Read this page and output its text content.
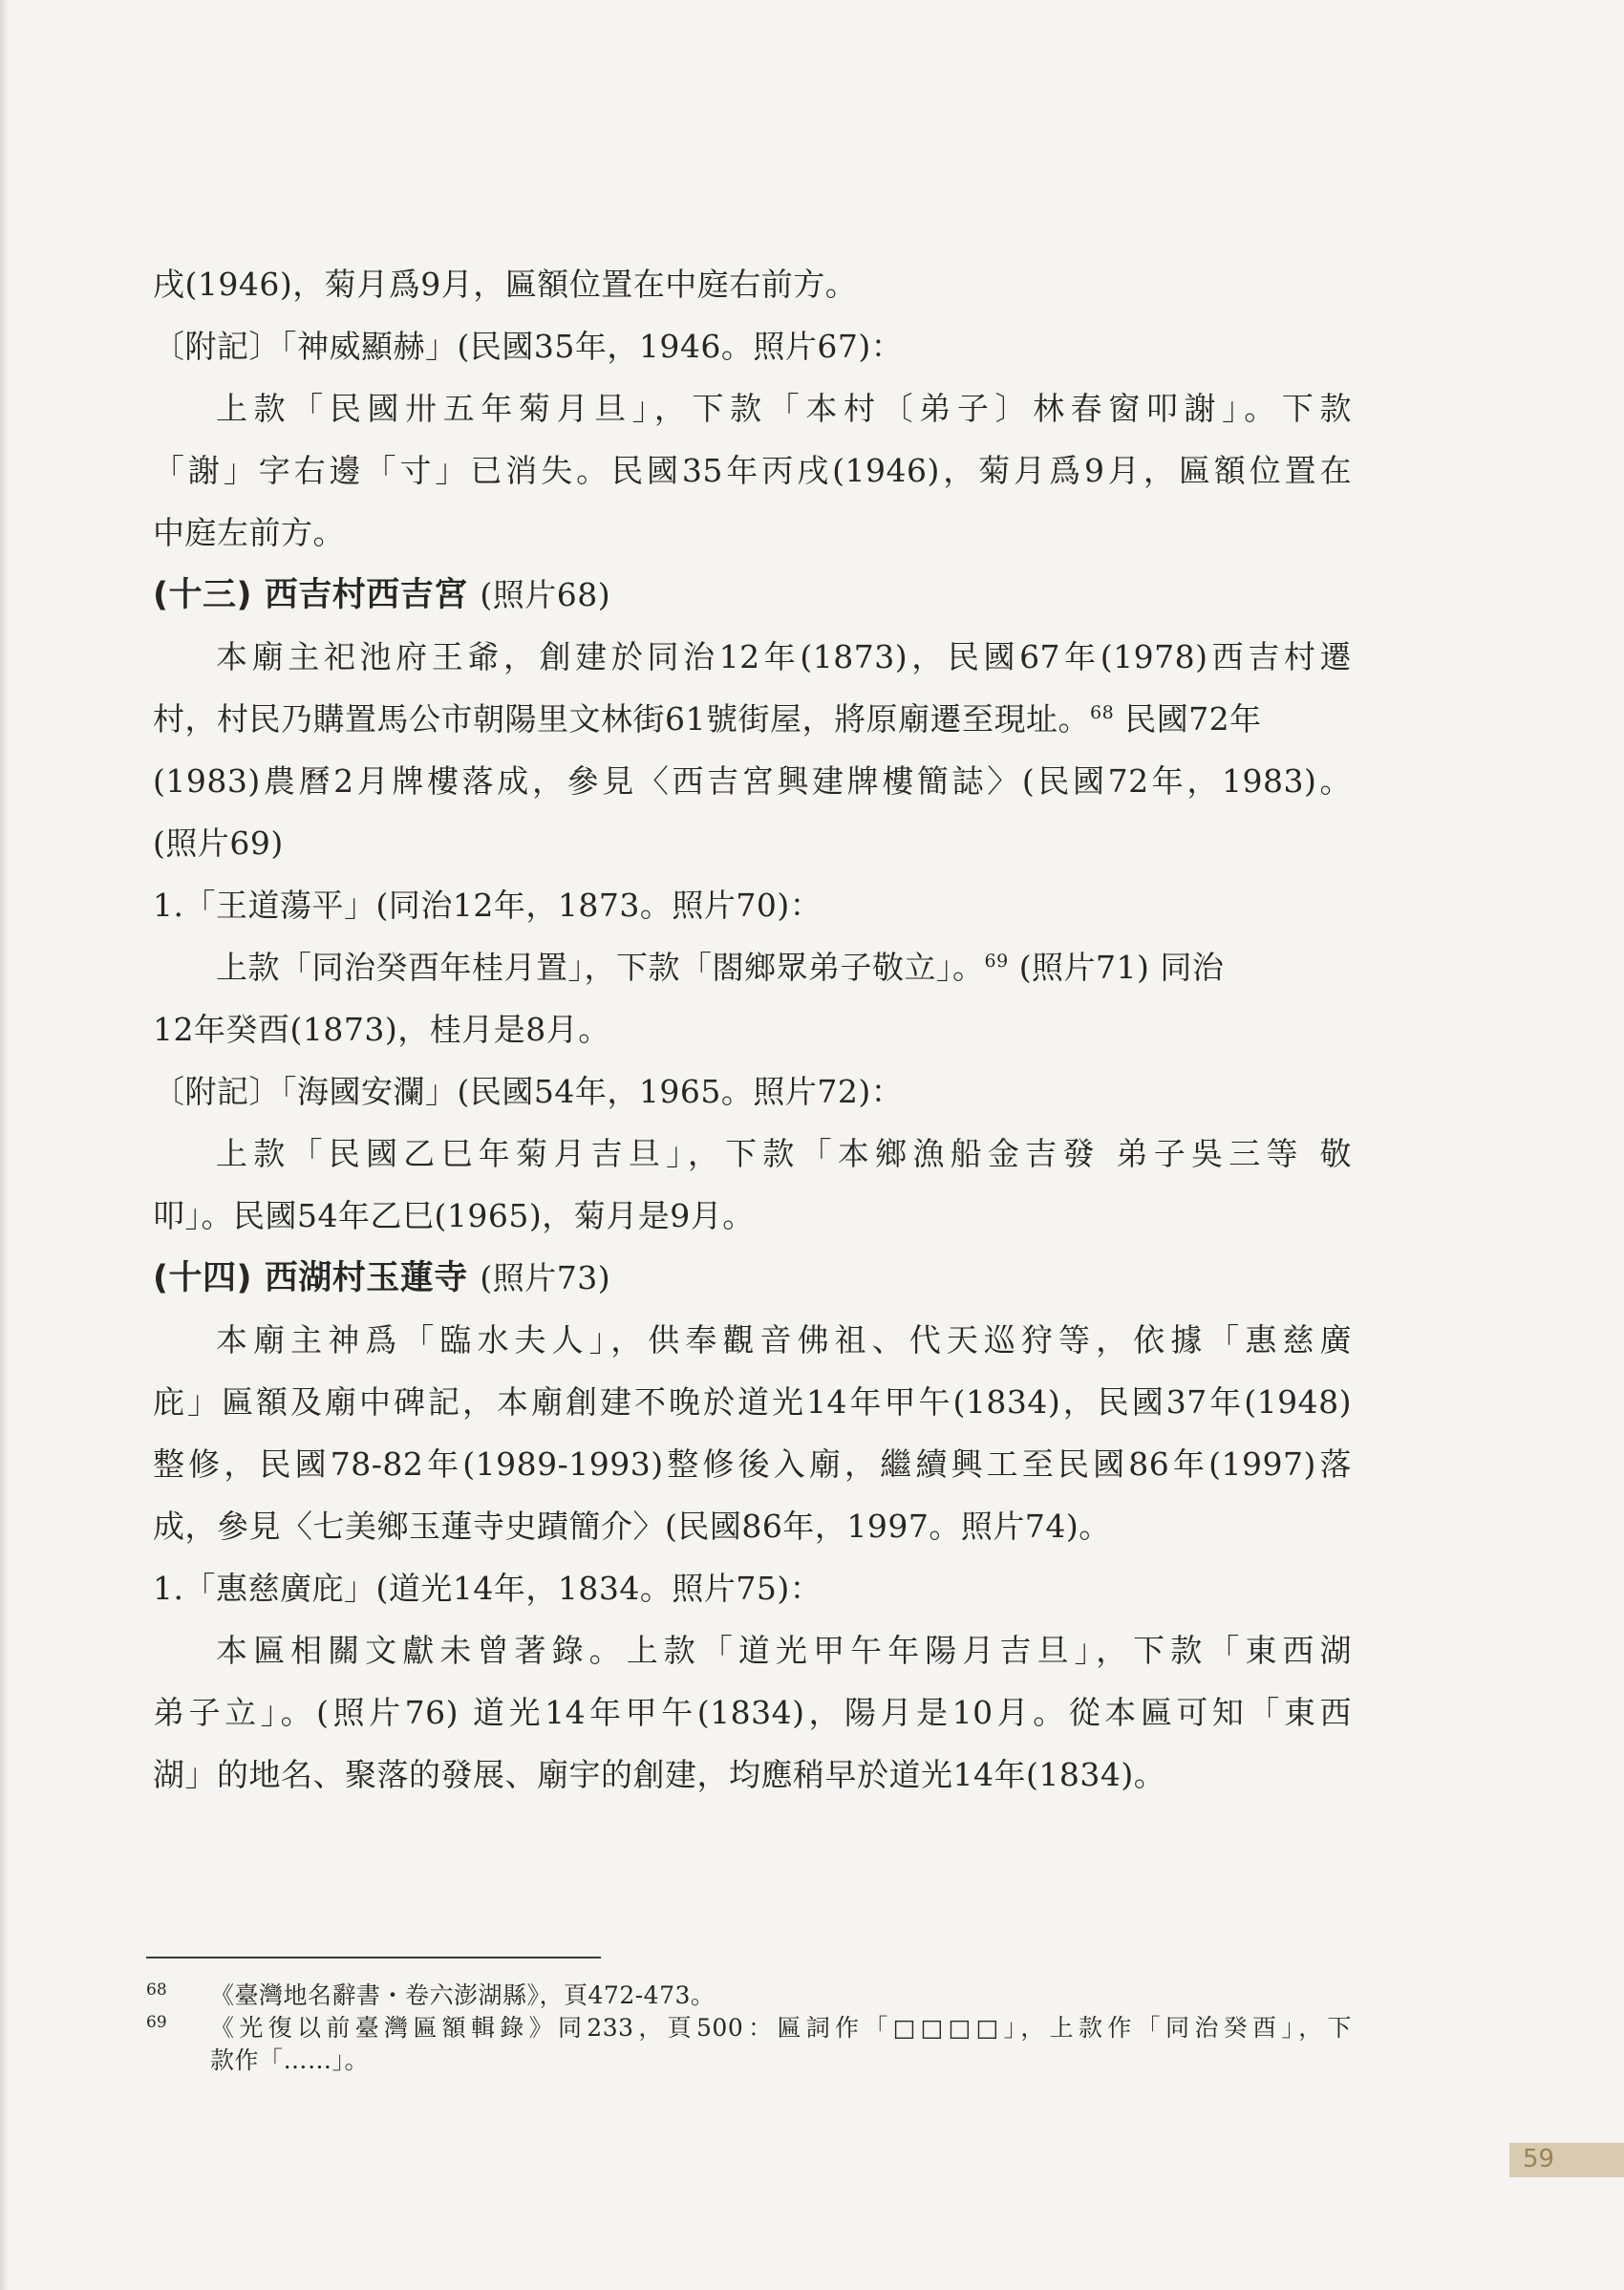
戌(1946)，菊月爲9月，匾額位置在中庭右前方。
〔附記〕「神威顯赫」(民國35年，1946。照片67)：
上款「民國卅五年菊月旦」，下款「本村〔弟子〕林春窗叩謝」。下款
「謝」字右邊「寸」已消失。民國35年丙戌(1946)，菊月爲9月，匾額位置在
中庭左前方。
(十三) 西吉村西吉宮 (照片68)
本廟主祀池府王爺，創建於同治12年(1873)，民國67年(1978)西吉村遷
村，村民乃購置馬公市朝陽里文林街61號街屋，將原廟遷至現址。$^{68}$ 民國72年
(1983)農曆2月牌樓落成，參見〈西吉宮興建牌樓簡誌〉(民國72年，1983)。
(照片69)
1.「王道蕩平」(同治12年，1873。照片70)：
上款「同治癸酉年桂月置」，下款「閤鄉眾弟子敬立」。$^{69}$ (照片71) 同治
12年癸酉(1873)，桂月是8月。
〔附記〕「海國安瀾」(民國54年，1965。照片72)：
上款「民國乙巳年菊月吉旦」，下款「本鄉漁船金吉發 弟子吳三等 敬
叩」。民國54年乙巳(1965)，菊月是9月。
(十四) 西湖村玉蓮寺 (照片73)
本廟主神爲「臨水夫人」，供奉觀音佛祖、代天巡狩等，依據「惠慈廣
庇」匾額及廟中碑記，本廟創建不晚於道光14年甲午(1834)，民國37年(1948)
整修，民國78-82年(1989-1993)整修後入廟，繼續興工至民國86年(1997)落
成，參見〈七美鄉玉蓮寺史蹟簡介〉(民國86年，1997。照片74)。
1.「惠慈廣庇」(道光14年，1834。照片75)：
本匾相關文獻未曾著錄。上款「道光甲午年陽月吉旦」，下款「東西湖
弟子立」。(照片76) 道光14年甲午(1834)，陽月是10月。從本匾可知「東西
湖」的地名、聚落的發展、廟宇的創建，均應稍早於道光14年(1834)。
68 《臺灣地名辭書・卷六澎湖縣》，頁472-473。
69 《光復以前臺灣匾額輯錄》同233，頁500：匾詞作「□□□□」，上款作「同治癸酉」，下
款作「……」。
59
